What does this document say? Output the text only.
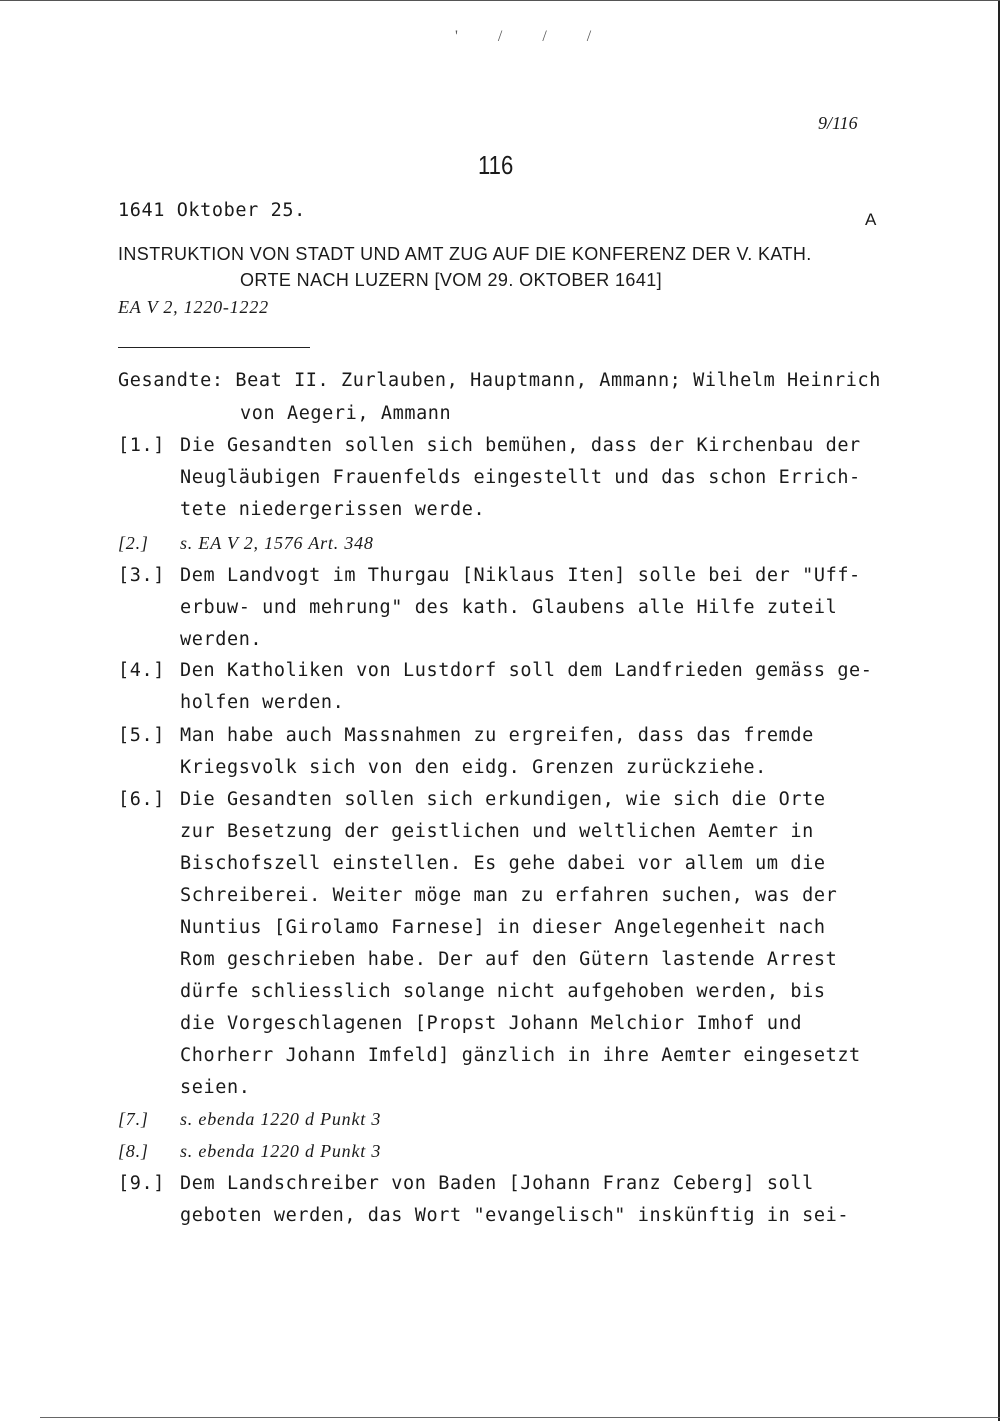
' / / /
9/116
116
1641 Oktober 25.	A
INSTRUKTION VON STADT UND AMT ZUG AUF DIE KONFERENZ DER V. KATH.
ORTE NACH LUZERN [VOM 29. OKTOBER 1641]
EA V 2, 1220-1222
Gesandte: Beat II. Zurlauben, Hauptmann, Ammann; Wilhelm Heinrich
von Aegeri, Ammann
[1.] Die Gesandten sollen sich bemühen, dass der Kirchenbau der
Neugläubigen Frauenfelds eingestellt und das schon Errich-
tete niedergerissen werde.
[2.] s. EA V 2, 1576 Art. 348
[3.] Dem Landvogt im Thurgau [Niklaus Iten] solle bei der "Uff-
erbuw- und mehrung" des kath. Glaubens alle Hilfe zuteil
werden.
[4.] Den Katholiken von Lustdorf soll dem Landfrieden gemäss ge-
holfen werden.
[5.] Man habe auch Massnahmen zu ergreifen, dass das fremde
Kriegsvolk sich von den eidg. Grenzen zurückziehe.
[6.] Die Gesandten sollen sich erkundigen, wie sich die Orte
zur Besetzung der geistlichen und weltlichen Aemter in
Bischofszell einstellen. Es gehe dabei vor allem um die
Schreiberei. Weiter möge man zu erfahren suchen, was der
Nuntius [Girolamo Farnese] in dieser Angelegenheit nach
Rom geschrieben habe. Der auf den Gütern lastende Arrest
dürfe schliesslich solange nicht aufgehoben werden, bis
die Vorgeschlagenen [Propst Johann Melchior Imhof und
Chorherr Johann Imfeld] gänzlich in ihre Aemter eingesetzt
seien.
[7.] s. ebenda 1220 d Punkt 3
[8.] s. ebenda 1220 d Punkt 3
[9.] Dem Landschreiber von Baden [Johann Franz Ceberg] soll
geboten werden, das Wort "evangelisch" inskünftig in sei-
